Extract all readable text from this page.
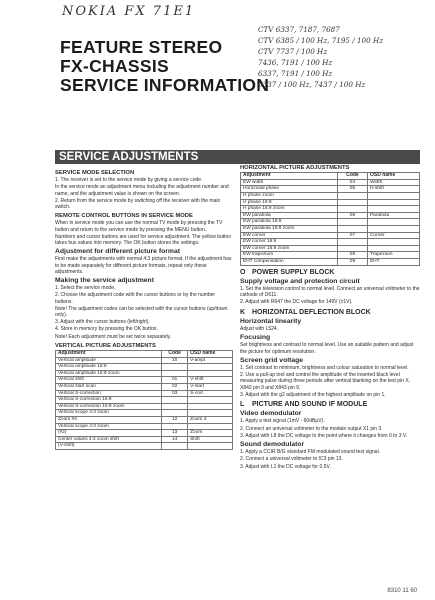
NOKIA FX 71E1
CTV 6337, 7187, 7687
CTV 6385 / 100 Hz, 7195 / 100 Hz
CTV 7737 / 100 Hz
7436, 7191 / 100 Hz
6337, 7191 / 100 Hz
6337 / 100 Hz, 7437 / 100 Hz
FEATURE STEREO
FX-CHASSIS
SERVICE INFORMATION
SERVICE ADJUSTMENTS
SERVICE MODE SELECTION

1. The receiver is set to the service mode by giving a service code.

In the service mode an adjustment menu including the adjustment number and name, and the adjustment value is shown on the screen.

2. Return from the service mode by switching off the receiver with the main switch.

REMOTE CONTROL BUTTONS IN SERVICE MODE

When in service mode you can use the normal TV mode by pressing the TV button and return to the service mode by pressing the MENU button.

Numbers and cursor buttons are used for service adjustment. The yellow button takes bus values into memory. The OK button stores the settings.

Adjustment for different picture format

First make the adjustments with normal 4:3 picture format. If the adjustment has to be made separately for different picture formats, repeat only these adjustments.

Making the service adjustment

1. Select the service mode.

2. Choose the adjustment code with the cursor buttons or by the number buttons.

Note! The adjustment codes can be selected with the cursor buttons (up/down only).

3. Adjust with the cursor buttons (left/right).

4. Store in memory by pressing the OK button.

Note! Each adjustment must be set twice separately.

VERTICAL PICTURE ADJUSTMENTS
Adjustment	Code	OSD name
Vertical amplitude	10	V-ampl.
Vertical amplitude 16:9		
Vertical amplitude 16:9 zoom		
Vertical shift	01	V-shift
Vertical start scan	02	V-start
Vertical S-correction	03	S-corr.
Vertical S-correction 16:9		
Vertical S-correction 16:9 zoom		
Vertical scope 4:3 zoom		
Zoom #4	12	Zoom 4
Vertical scope 4:3 zoom		
(#2)	13	Zoom
Center values 4:3 zoom shift	14	Shift
(V-shift)		
HORIZONTAL PICTURE ADJUSTMENTS
Adjustment	Code	OSD name
EW width	04	Width
Horizontal phase	05	H-shift
H phase zoom		
H phase 16:9		
H phase 16:9 zoom		
EW parabola	06	Parabola
EW parabola 16:9		
EW parabola 16:9 zoom		
EW corner	07	Corner
EW corner 16:9		
EW corner 16:9 zoom		
EW trapezium	08	Trapezium
EHT compensation	09	EHT
O POWER SUPPLY BLOCK
Supply voltage and protection circuit

1. Set the television control to normal level. Connect an universal voltmeter to the cathode of D611.

2. Adjust with R647 the DC voltage for 149V (±1V).

K HORIZONTAL DEFLECTION BLOCK
Horizontal linearity

Adjust with L524.

Focusing

Set brightness and contrast to normal level. Use an suitable pattern and adjust the picture for optimum resolution.

Screen grid voltage

1. Set contrast to minimum, brightness and colour saturation to normal level.

2. Use a pull-up tool and control the amplitude of the inserted black level measuring pulse during three periods after vertical blanking on the test pin X, X842 pin 9 and X843 pin 9.

3. Adjust with the g2 adjustment of the highest amplitude on pin 1.

L PICTURE AND SOUND IF MODULE
Video demodulator

1. Apply a test signal (1mV - 60dBµV).

2. Connect an universal voltmeter to the module output X1 pin 3.

3. Adjust with L8 the DC voltage to the point where it changes from 0 to 3 V.

Sound demodulator

1. Apply a CCIR B/G standard FM modulated sound test signal.

2. Connect a universal voltmeter to IC3 pin 13.

3. Adjust with L1 the DC voltage for 0.5V.

8310 11 60
